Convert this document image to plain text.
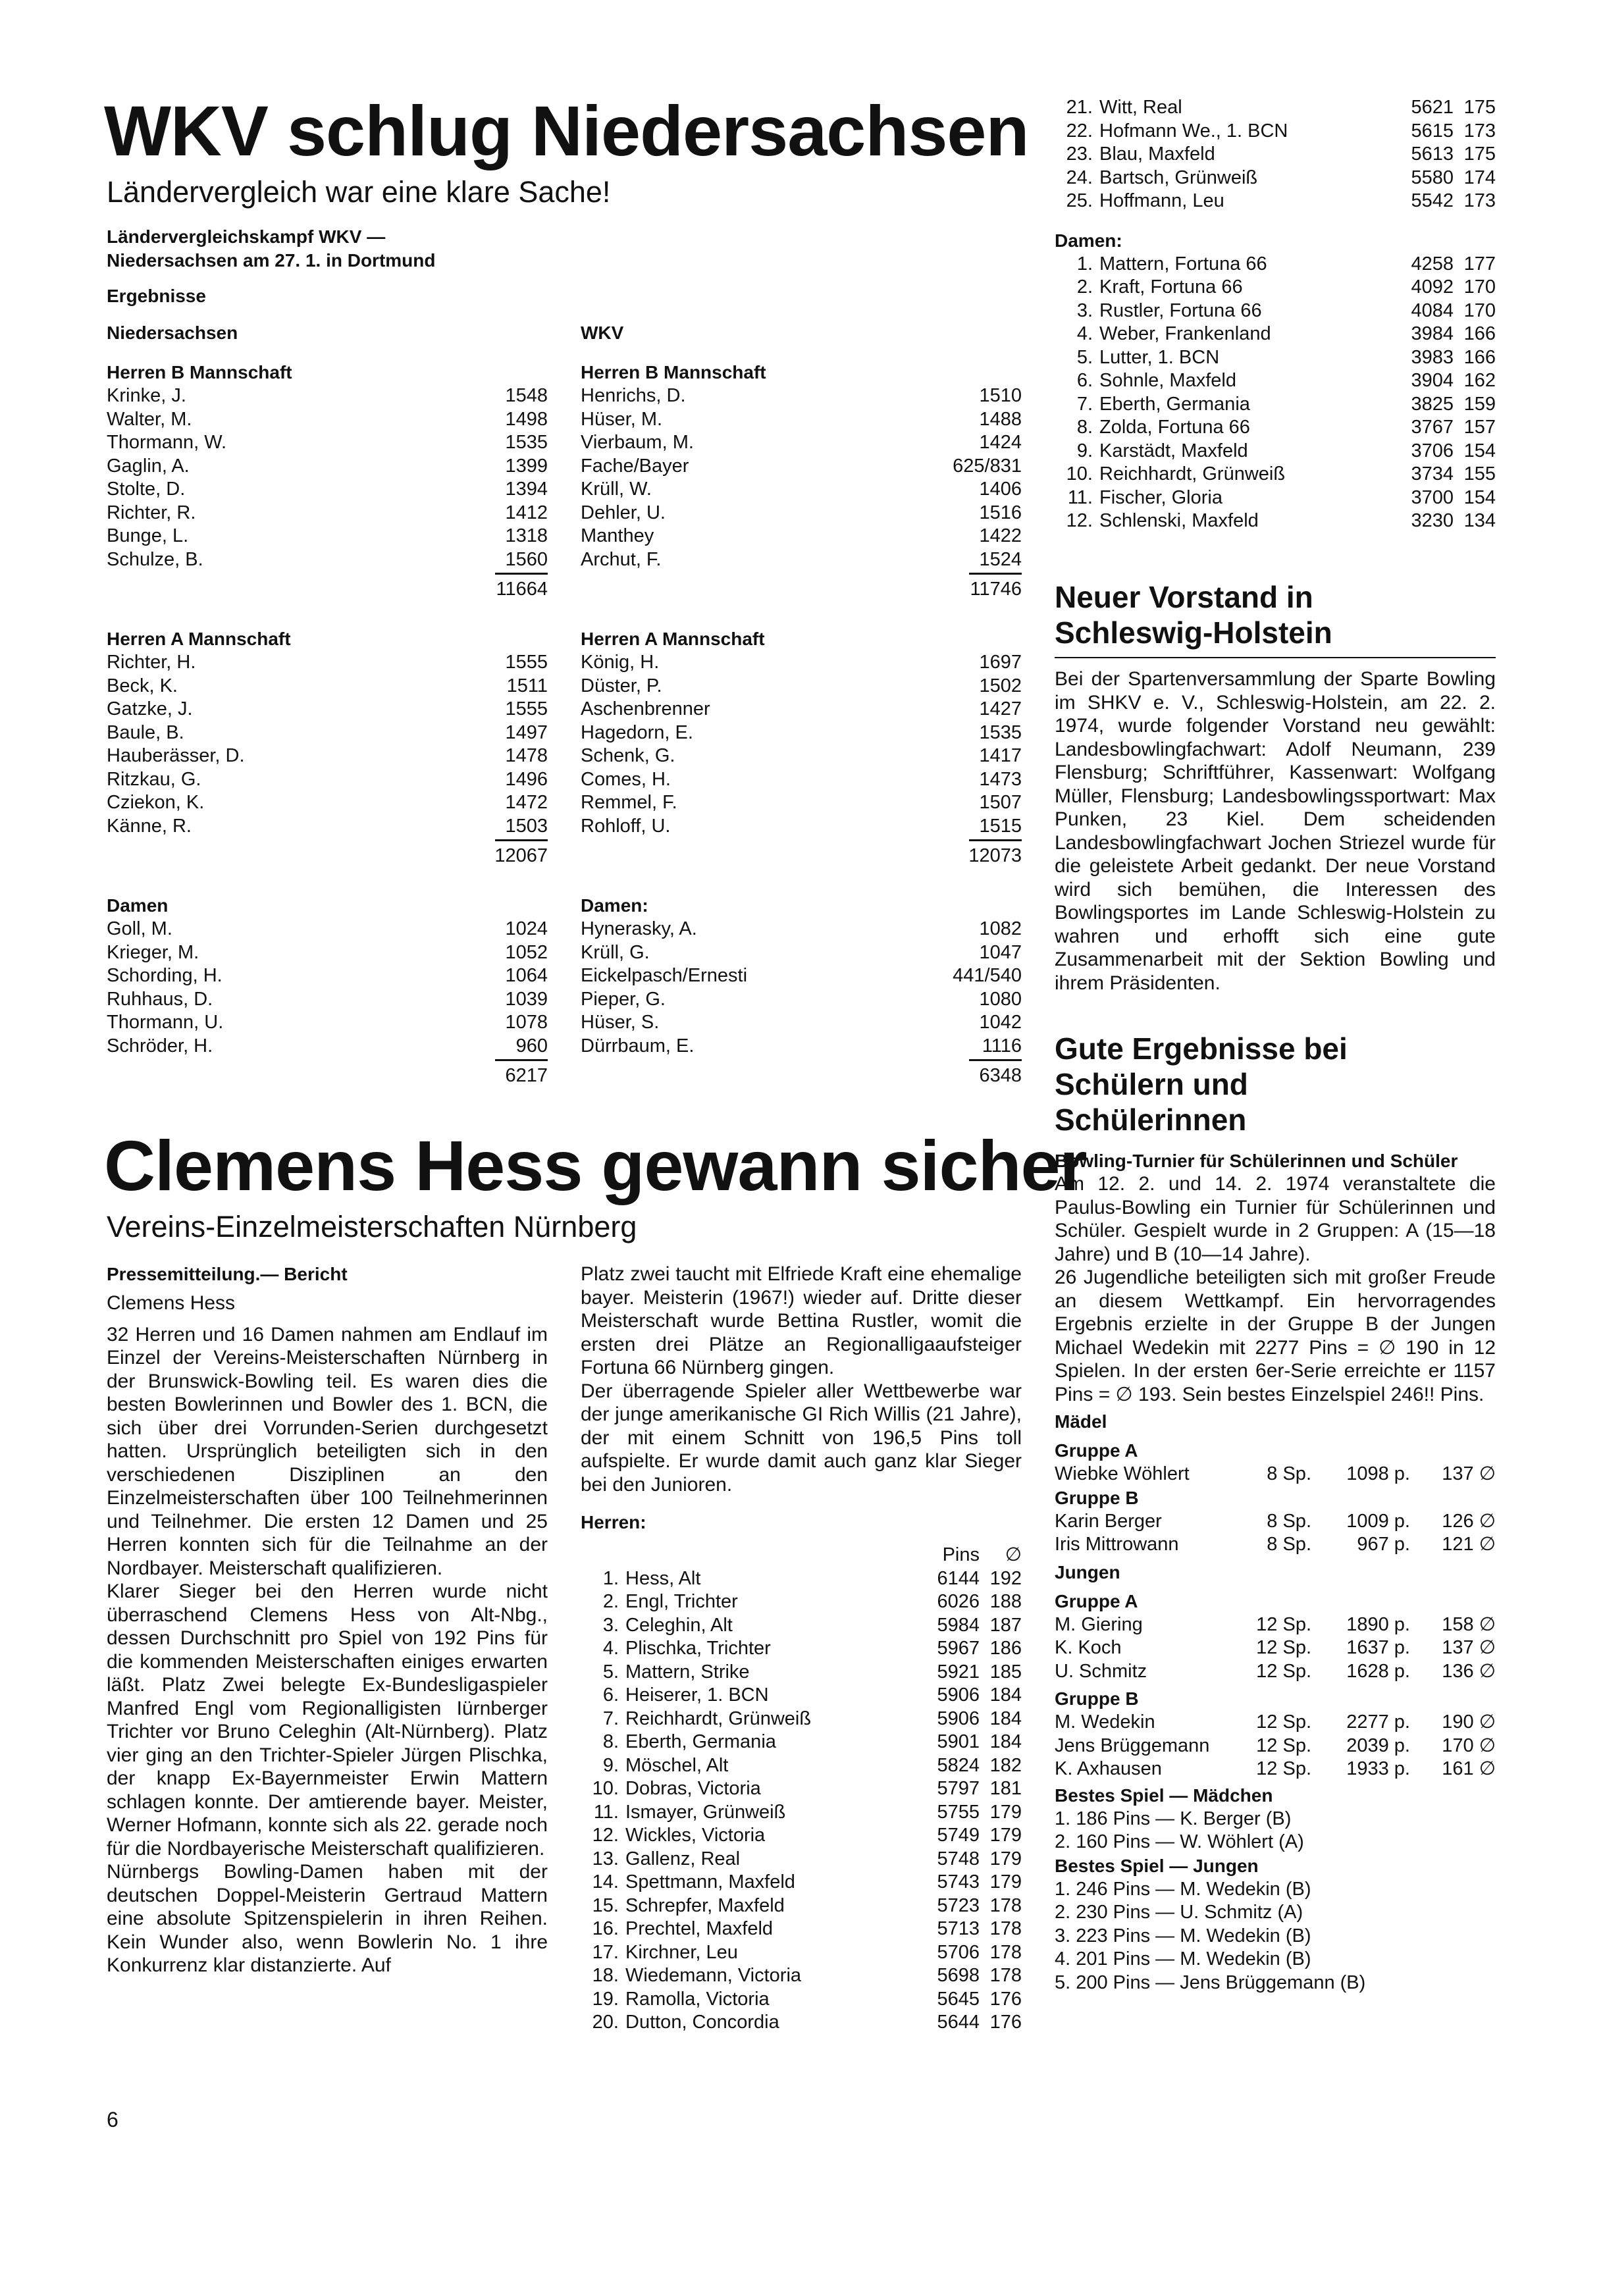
WKV schlug Niedersachsen
Ländervergleich war eine klare Sache!
Ländervergleichskampf WKV — Niedersachsen am 27. 1. in Dortmund
Ergebnisse
Niedersachsen	WKV
Herren B Mannschaft
Krinke, J.	1548
Walter, M.	1498
Thormann, W.	1535
Gaglin, A.	1399
Stolte, D.	1394
Richter, R.	1412
Bunge, L.	1318
Schulze, B.	1560
11664
Herren A Mannschaft
Richter, H.	1555
Beck, K.	1511
Gatzke, J.	1555
Baule, B.	1497
Hauberässer, D.	1478
Ritzkau, G.	1496
Cziekon, K.	1472
Känne, R.	1503
12067
Damen
Goll, M.	1024
Krieger, M.	1052
Schording, H.	1064
Ruhhaus, D.	1039
Thormann, U.	1078
Schröder, H.	960
6217
Herren B Mannschaft
Henrichs, D.	1510
Hüser, M.	1488
Vierbaum, M.	1424
Fache/Bayer	625/831
Krüll, W.	1406
Dehler, U.	1516
Manthey	1422
Archut, F.	1524
11746
Herren A Mannschaft
König, H.	1697
Düster, P.	1502
Aschenbrenner	1427
Hagedorn, E.	1535
Schenk, G.	1417
Comes, H.	1473
Remmel, F.	1507
Rohloff, U.	1515
12073
Damen:
Hynerasky, A.	1082
Krüll, G.	1047
Eickelpasch/Ernesti	441/540
Pieper, G.	1080
Hüser, S.	1042
Dürrbaum, E.	1116
6348
Clemens Hess gewann sicher
Vereins-Einzelmeisterschaften Nürnberg
Pressemitteilung.— Bericht
Clemens Hess
32 Herren und 16 Damen nahmen am Endlauf im Einzel der Vereins-Meisterschaften Nürnberg in der Brunswick-Bowling teil. Es waren dies die besten Bowlerinnen und Bowler des 1. BCN, die sich über drei Vorrunden-Serien durchgesetzt hatten. Ursprünglich beteiligten sich in den verschiedenen Disziplinen an den Einzelmeisterschaften über 100 Teilnehmerinnen und Teilnehmer. Die ersten 12 Damen und 25 Herren konnten sich für die Teilnahme an der Nordbayer. Meisterschaft qualifizieren.
Klarer Sieger bei den Herren wurde nicht überraschend Clemens Hess von Alt-Nbg., dessen Durchschnitt pro Spiel von 192 Pins für die kommenden Meisterschaften einiges erwarten läßt. Platz Zwei belegte Ex-Bundesligaspieler Manfred Engl vom Regionalligisten Iürnberger Trichter vor Bruno Celeghin (Alt-Nürnberg). Platz vier ging an den Trichter-Spieler Jürgen Plischka, der knapp Ex-Bayernmeister Erwin Mattern schlagen konnte. Der amtierende bayer. Meister, Werner Hofmann, konnte sich als 22. gerade noch für die Nordbayerische Meisterschaft qualifizieren.
Nürnbergs Bowling-Damen haben mit der deutschen Doppel-Meisterin Gertraud Mattern eine absolute Spitzenspielerin in ihren Reihen. Kein Wunder also, wenn Bowlerin No. 1 ihre Konkurrenz klar distanzierte. Auf
Platz zwei taucht mit Elfriede Kraft eine ehemalige bayer. Meisterin (1967!) wieder auf. Dritte dieser Meisterschaft wurde Bettina Rustler, womit die ersten drei Plätze an Regionalligaaufsteiger Fortuna 66 Nürnberg gingen.
Der überragende Spieler aller Wettbewerbe war der junge amerikanische GI Rich Willis (21 Jahre), der mit einem Schnitt von 196,5 Pins toll aufspielte. Er wurde damit auch ganz klar Sieger bei den Junioren.
Herren:
Pins	∅
1. Hess, Alt	6144 192
2. Engl, Trichter	6026 188
3. Celeghin, Alt	5984 187
4. Plischka, Trichter	5967 186
5. Mattern, Strike	5921 185
6. Heiserer, 1. BCN	5906 184
7. Reichhardt, Grünweiß	5906 184
8. Eberth, Germania	5901 184
9. Möschel, Alt	5824 182
10. Dobras, Victoria	5797 181
11. Ismayer, Grünweiß	5755 179
12. Wickles, Victoria	5749 179
13. Gallenz, Real	5748 179
14. Spettmann, Maxfeld	5743 179
15. Schrepfer, Maxfeld	5723 178
16. Prechtel, Maxfeld	5713 178
17. Kirchner, Leu	5706 178
18. Wiedemann, Victoria	5698 178
19. Ramolla, Victoria	5645 176
20. Dutton, Concordia	5644 176
21. Witt, Real	5621 175
22. Hofmann We., 1. BCN	5615 173
23. Blau, Maxfeld	5613 175
24. Bartsch, Grünweiß	5580 174
25. Hoffmann, Leu	5542 173
Damen:
1. Mattern, Fortuna 66	4258 177
2. Kraft, Fortuna 66	4092 170
3. Rustler, Fortuna 66	4084 170
4. Weber, Frankenland	3984 166
5. Lutter, 1. BCN	3983 166
6. Sohnle, Maxfeld	3904 162
7. Eberth, Germania	3825 159
8. Zolda, Fortuna 66	3767 157
9. Karstädt, Maxfeld	3706 154
10. Reichhardt, Grünweiß	3734 155
11. Fischer, Gloria	3700 154
12. Schlenski, Maxfeld	3230 134
Neuer Vorstand in Schleswig-Holstein
Bei der Spartenversammlung der Sparte Bowling im SHKV e. V., Schleswig-Holstein, am 22. 2. 1974, wurde folgender Vorstand neu gewählt: Landesbowlingfachwart: Adolf Neumann, 239 Flensburg; Schriftführer, Kassenwart: Wolfgang Müller, Flensburg; Landesbowlingssportwart: Max Punken, 23 Kiel. Dem scheidenden Landesbowlingfachwart Jochen Striezel wurde für die geleistete Arbeit gedankt. Der neue Vorstand wird sich bemühen, die Interessen des Bowlingsportes im Lande Schleswig-Holstein zu wahren und erhofft sich eine gute Zusammenarbeit mit der Sektion Bowling und ihrem Präsidenten.
Gute Ergebnisse bei Schülern und Schülerinnen
Bowling-Turnier für Schülerinnen und Schüler
Am 12. 2. und 14. 2. 1974 veranstaltete die Paulus-Bowling ein Turnier für Schülerinnen und Schüler. Gespielt wurde in 2 Gruppen: A (15—18 Jahre) und B (10—14 Jahre).
26 Jugendliche beteiligten sich mit großer Freude an diesem Wettkampf. Ein hervorragendes Ergebnis erzielte in der Gruppe B der Jungen Michael Wedekin mit 2277 Pins = ∅ 190 in 12 Spielen. In der ersten 6er-Serie erreichte er 1157 Pins = ∅ 193. Sein bestes Einzelspiel 246!! Pins.
Mädel
Gruppe A
Wiebke Wöhlert	8 Sp.	1098 p.	137 ∅
Gruppe B
Karin Berger	8 Sp.	1009 p.	126 ∅
Iris Mittrowann	8 Sp.	967 p.	121 ∅
Jungen
Gruppe A
M. Giering	12 Sp.	1890 p.	158 ∅
K. Koch	12 Sp.	1637 p.	137 ∅
U. Schmitz	12 Sp.	1628 p.	136 ∅
Gruppe B
M. Wedekin	12 Sp.	2277 p.	190 ∅
Jens Brüggemann	12 Sp.	2039 p.	170 ∅
K. Axhausen	12 Sp.	1933 p.	161 ∅
Bestes Spiel — Mädchen
1. 186 Pins — K. Berger (B)
2. 160 Pins — W. Wöhlert (A)
Bestes Spiel — Jungen
1. 246 Pins — M. Wedekin (B)
2. 230 Pins — U. Schmitz (A)
3. 223 Pins — M. Wedekin (B)
4. 201 Pins — M. Wedekin (B)
5. 200 Pins — Jens Brüggemann (B)
6
